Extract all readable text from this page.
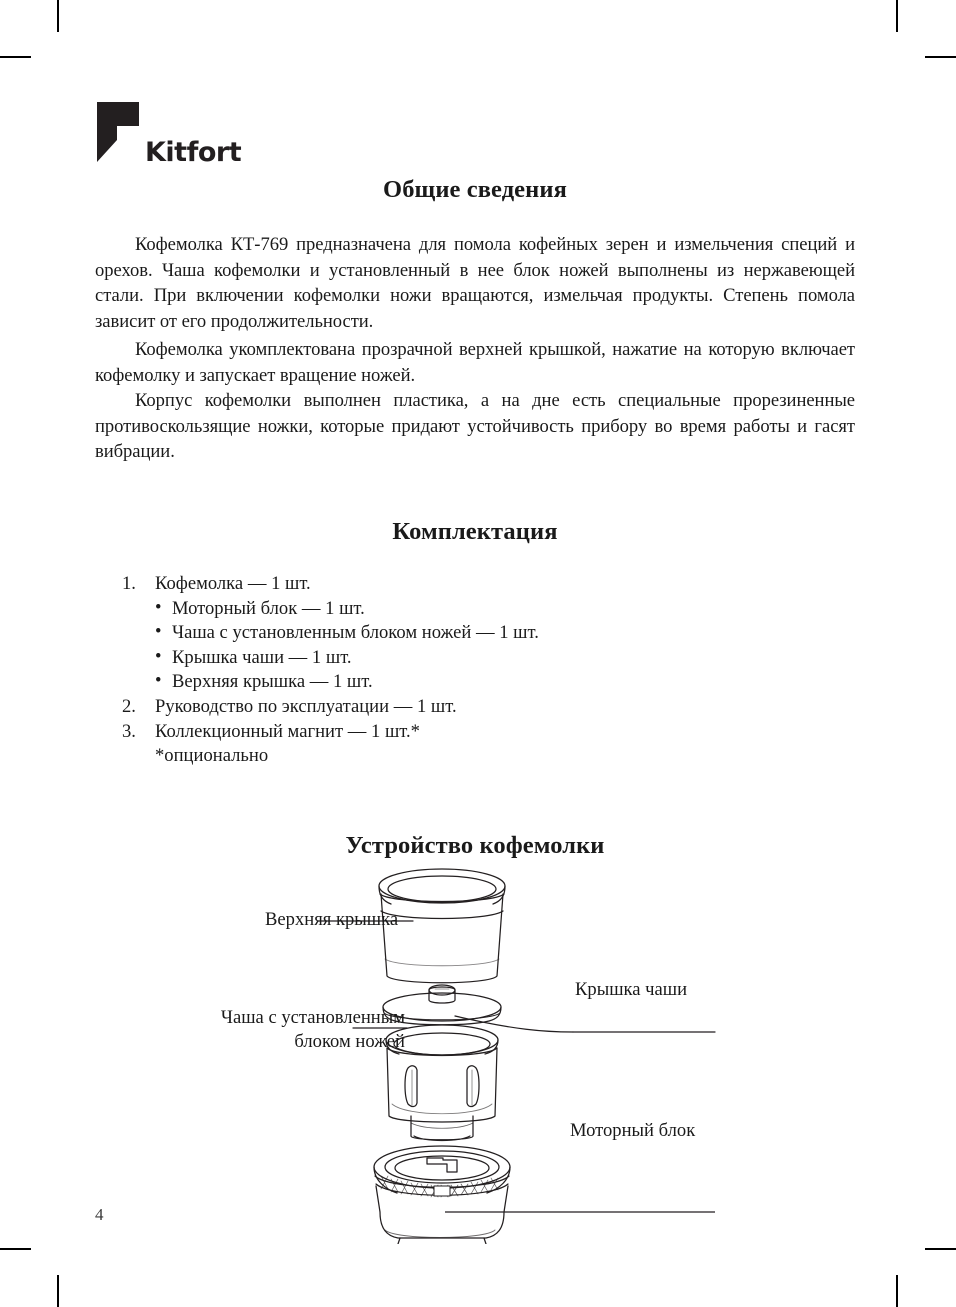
Kitfort
Общие сведения

Кофемолка КТ-769 предназначена для помола кофейных зерен и измельчения специй и орехов. Чаша кофемолки и установленный в нее блок ножей выполнены из нержавеющей стали. При включении кофемолки ножи вращаются, измельчая продукты. Степень помола зависит от его продолжительности.

Кофемолка укомплектована прозрачной верхней крышкой, нажатие на которую включает кофемолку и запускает вращение ножей.

Корпус кофемолки выполнен пластика, а на дне есть специальные прорезиненные противоскользящие ножки, которые придают устойчивость прибору во время работы и гасят вибрации.

Комплектация
1.	Кофемолка — 1 шт.
• Моторный блок — 1 шт.
• Чаша с установленным блоком ножей — 1 шт.
• Крышка чаши — 1 шт.
• Верхняя крышка — 1 шт.
2.	Руководство по эксплуатации — 1 шт.
3.	Коллекционный магнит — 1 шт.*
*опционально
Устройство кофемолки
Верхняя крышка
Крышка чаши
Чаша с установленным
блоком ножей
Моторный блок
4
